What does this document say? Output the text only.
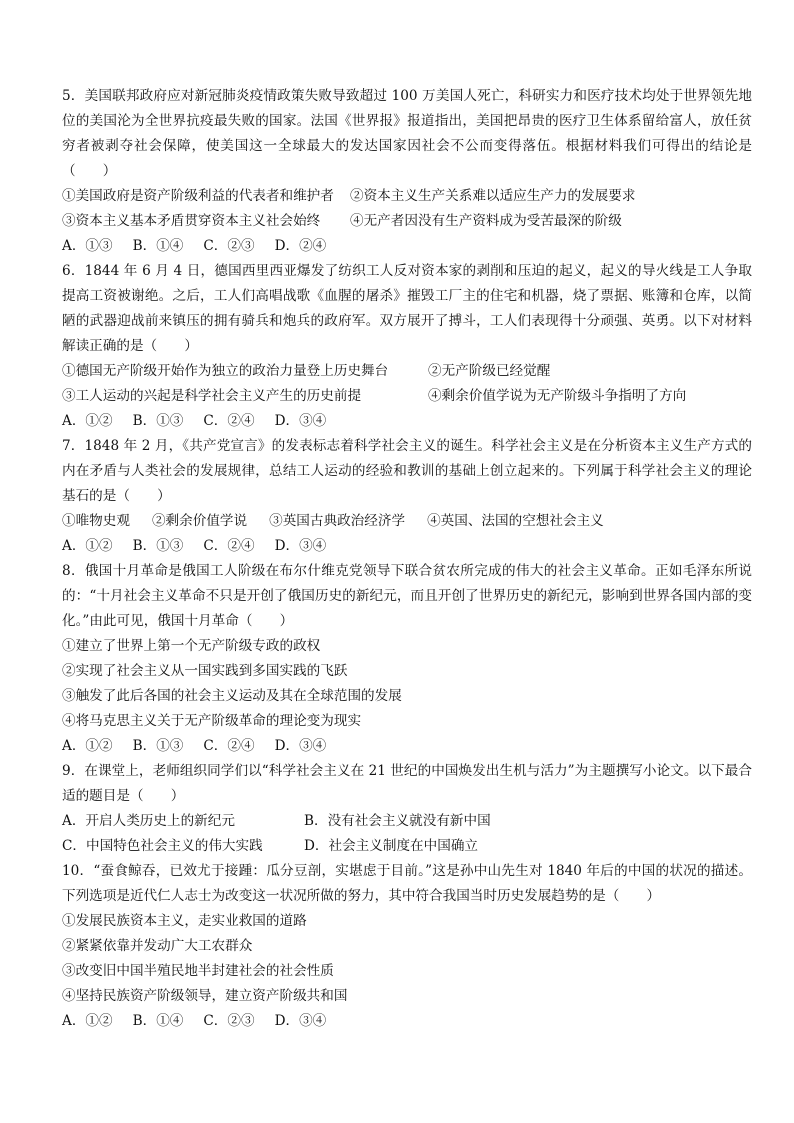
5．美国联邦政府应对新冠肺炎疫情政策失败导致超过 100 万美国人死亡，科研实力和医疗技术均处于世界领先地位的美国沦为全世界抗疫最失败的国家。法国《世界报》报道指出，美国把昂贵的医疗卫生体系留给富人，放任贫穷者被剥夺社会保障，使美国这一全球最大的发达国家因社会不公而变得落伍。根据材料我们可得出的结论是（　　）

①美国政府是资产阶级利益的代表者和维护者	②资本主义生产关系难以适应生产力的发展要求
③资本主义基本矛盾贯穿资本主义社会始终	④无产者因没有生产资料成为受苦最深的阶级
A．①③ B．①④ C．②③ D．②④

6．1844 年 6 月 4 日，德国西里西亚爆发了纺织工人反对资本家的剥削和压迫的起义，起义的导火线是工人争取提高工资被谢绝。之后，工人们高唱战歌《血腥的屠杀》摧毁工厂主的住宅和机器，烧了票据、账簿和仓库，以简陋的武器迎战前来镇压的拥有骑兵和炮兵的政府军。双方展开了搏斗，工人们表现得十分顽强、英勇。以下对材料解读正确的是（　　）

①德国无产阶级开始作为独立的政治力量登上历史舞台	②无产阶级已经觉醒
③工人运动的兴起是科学社会主义产生的历史前提	④剩余价值学说为无产阶级斗争指明了方向
A．①② B．①③ C．②④ D．③④

7．1848 年 2 月，《共产党宣言》的发表标志着科学社会主义的诞生。科学社会主义是在分析资本主义生产方式的内在矛盾与人类社会的发展规律，总结工人运动的经验和教训的基础上创立起来的。下列属于科学社会主义的理论基石的是（　　）

①唯物史观 ②剩余价值学说 ③英国古典政治经济学 ④英国、法国的空想社会主义
A．①② B．①③ C．②④ D．③④

8．俄国十月革命是俄国工人阶级在布尔什维克党领导下联合贫农所完成的伟大的社会主义革命。正如毛泽东所说的：“十月社会主义革命不只是开创了俄国历史的新纪元，而且开创了世界历史的新纪元，影响到世界各国内部的变化。”由此可见，俄国十月革命（　　）

①建立了世界上第一个无产阶级专政的政权

②实现了社会主义从一国实践到多国实践的飞跃

③触发了此后各国的社会主义运动及其在全球范围的发展

④将马克思主义关于无产阶级革命的理论变为现实

A．①② B．①③ C．②④ D．③④

9．在课堂上，老师组织同学们以“科学社会主义在 21 世纪的中国焕发出生机与活力”为主题撰写小论文。以下最合适的题目是（　　）

A．开启人类历史上的新纪元	B．没有社会主义就没有新中国
C．中国特色社会主义的伟大实践	D．社会主义制度在中国确立

10．“蚕食鲸吞，已效尤于接踵：瓜分豆剖，实堪虑于目前。”这是孙中山先生对 1840 年后的中国的状况的描述。下列选项是近代仁人志士为改变这一状况所做的努力，其中符合我国当时历史发展趋势的是（　　）

①发展民族资本主义，走实业救国的道路

②紧紧依靠并发动广大工农群众

③改变旧中国半殖民地半封建社会的社会性质

④坚持民族资产阶级领导，建立资产阶级共和国

A．①② B．①④ C．②③ D．③④
